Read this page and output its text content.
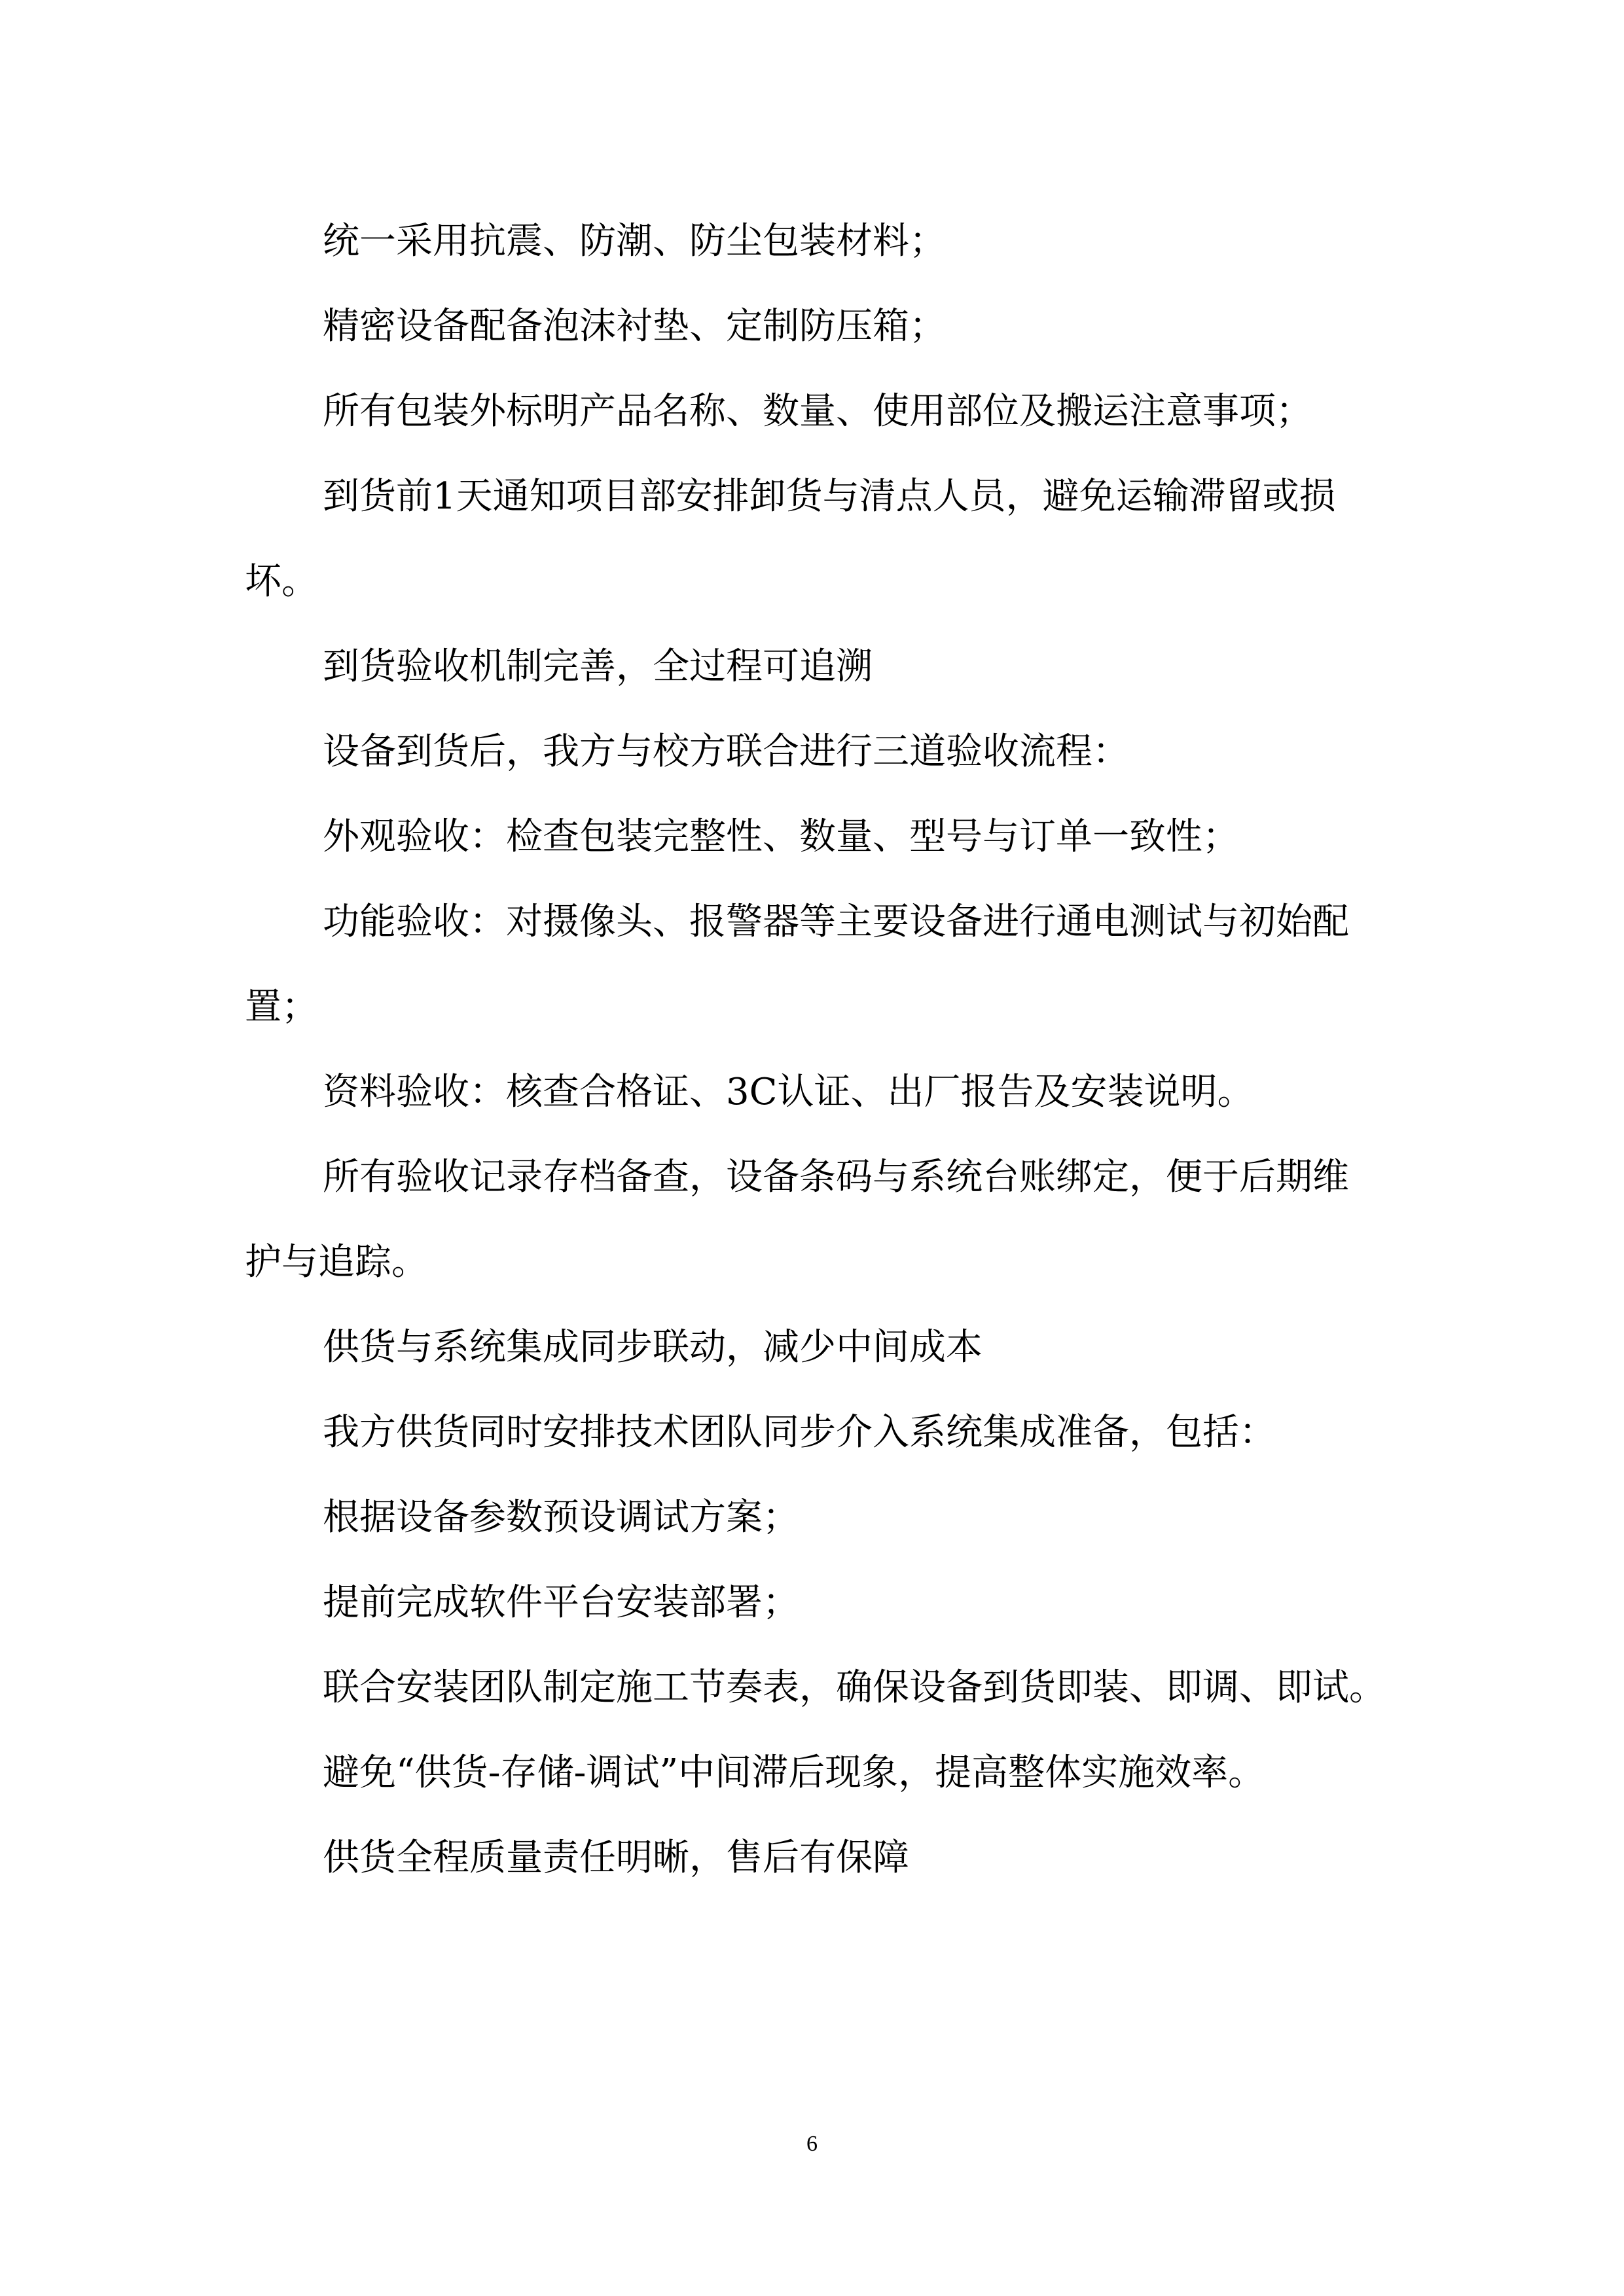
统一采用抗震、防潮、防尘包装材料；

精密设备配备泡沫衬垫、定制防压箱；

所有包装外标明产品名称、数量、使用部位及搬运注意事项；

到货前1天通知项目部安排卸货与清点人员，避免运输滞留或损

坏。

到货验收机制完善，全过程可追溯

设备到货后，我方与校方联合进行三道验收流程：

外观验收：检查包装完整性、数量、型号与订单一致性；

功能验收：对摄像头、报警器等主要设备进行通电测试与初始配

置；

资料验收：核查合格证、3C认证、出厂报告及安装说明。

所有验收记录存档备查，设备条码与系统台账绑定，便于后期维

护与追踪。

供货与系统集成同步联动，减少中间成本

我方供货同时安排技术团队同步介入系统集成准备，包括：

根据设备参数预设调试方案；

提前完成软件平台安装部署；

联合安装团队制定施工节奏表，确保设备到货即装、即调、即试。

避免“供货-存储-调试”中间滞后现象，提高整体实施效率。

供货全程质量责任明晰，售后有保障

6
